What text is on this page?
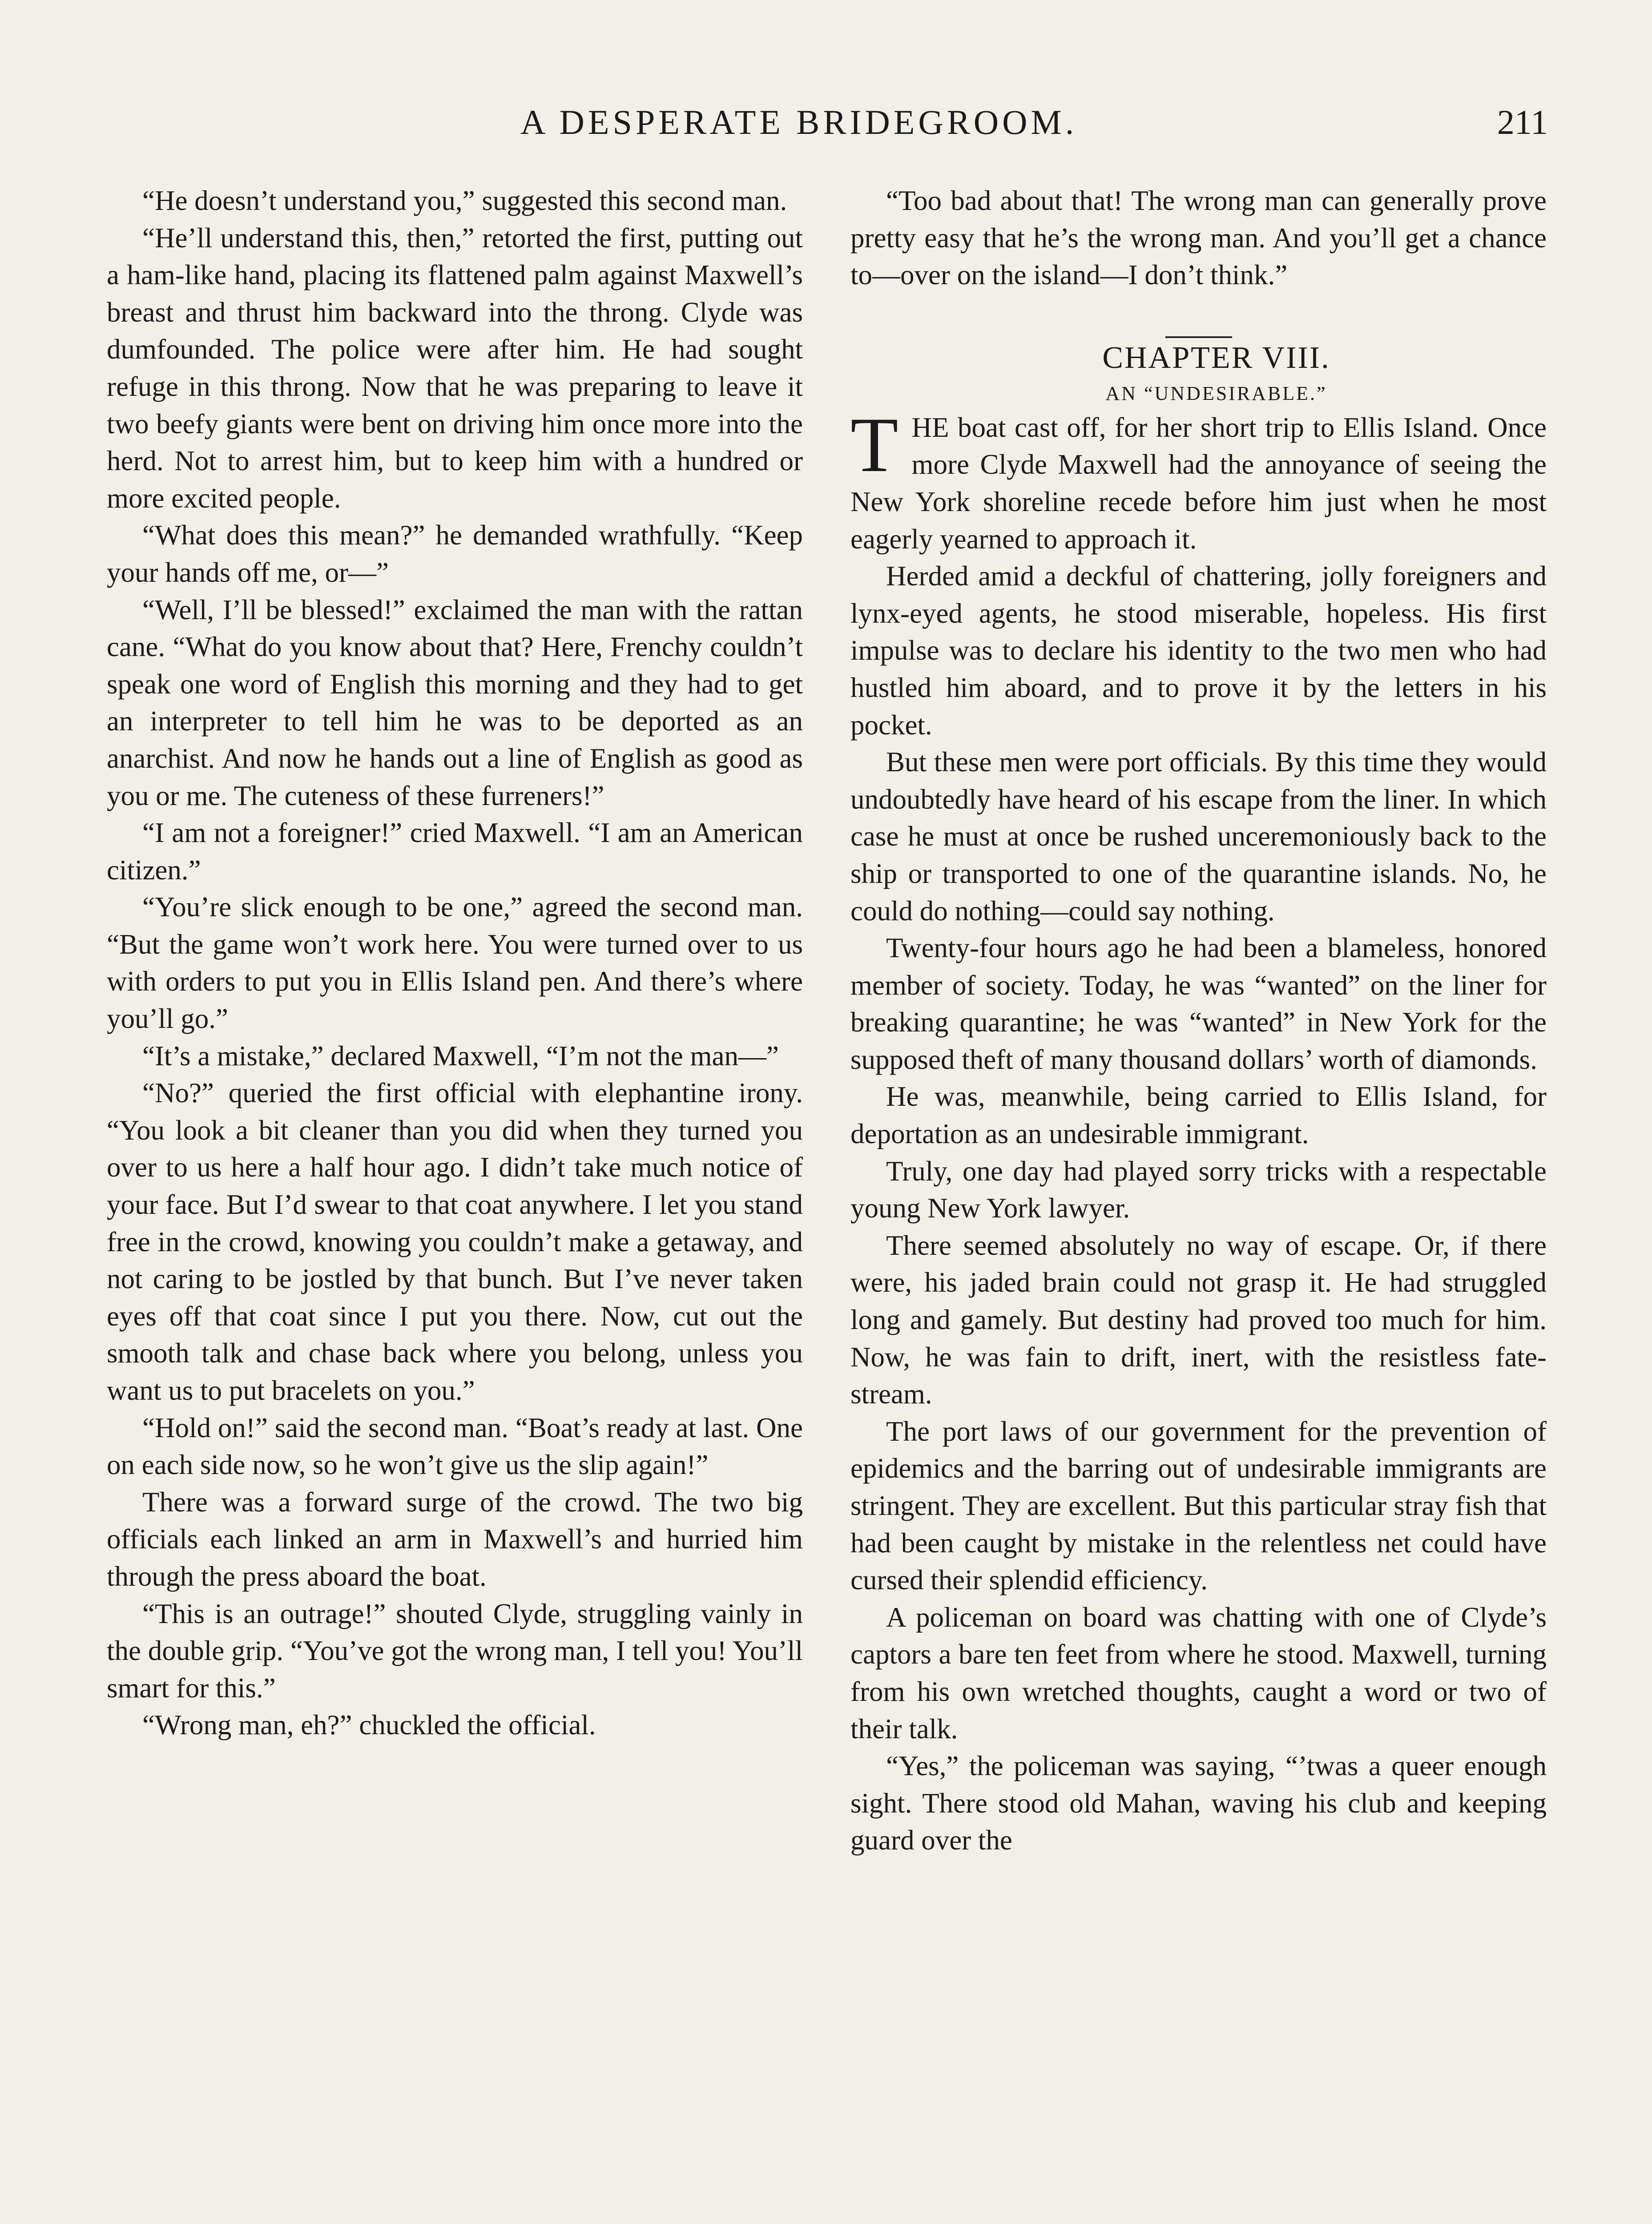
A DESPERATE BRIDEGROOM.	211

“He doesn’t understand you,” suggested this second man.

“He’ll understand this, then,” retorted the first, putting out a ham-like hand, placing its flattened palm against Maxwell’s breast and thrust him backward into the throng. Clyde was dumfounded. The police were after him. He had sought refuge in this throng. Now that he was preparing to leave it two beefy giants were bent on driving him once more into the herd. Not to arrest him, but to keep him with a hundred or more excited people.

“What does this mean?” he demanded wrathfully. “Keep your hands off me, or—”

“Well, I’ll be blessed!” exclaimed the man with the rattan cane. “What do you know about that? Here, Frenchy couldn’t speak one word of English this morning and they had to get an interpreter to tell him he was to be deported as an anarchist. And now he hands out a line of English as good as you or me. The cuteness of these furreners!”

“I am not a foreigner!” cried Maxwell. “I am an American citizen.”

“You’re slick enough to be one,” agreed the second man. “But the game won’t work here. You were turned over to us with orders to put you in Ellis Island pen. And there’s where you’ll go.”

“It’s a mistake,” declared Maxwell, “I’m not the man—”

“No?” queried the first official with elephantine irony. “You look a bit cleaner than you did when they turned you over to us here a half hour ago. I didn’t take much notice of your face. But I’d swear to that coat anywhere. I let you stand free in the crowd, knowing you couldn’t make a getaway, and not caring to be jostled by that bunch. But I’ve never taken eyes off that coat since I put you there. Now, cut out the smooth talk and chase back where you belong, unless you want us to put bracelets on you.”

“Hold on!” said the second man. “Boat’s ready at last. One on each side now, so he won’t give us the slip again!”

There was a forward surge of the crowd. The two big officials each linked an arm in Maxwell’s and hurried him through the press aboard the boat.

“This is an outrage!” shouted Clyde, struggling vainly in the double grip. “You’ve got the wrong man, I tell you! You’ll smart for this.”

“Wrong man, eh?” chuckled the official.

“Too bad about that! The wrong man can generally prove pretty easy that he’s the wrong man. And you’ll get a chance to—over on the island—I don’t think.”

CHAPTER VIII.

AN “UNDESIRABLE.”

THE boat cast off, for her short trip to Ellis Island. Once more Clyde Maxwell had the annoyance of seeing the New York shoreline recede before him just when he most eagerly yearned to approach it.

Herded amid a deckful of chattering, jolly foreigners and lynx-eyed agents, he stood miserable, hopeless. His first impulse was to declare his identity to the two men who had hustled him aboard, and to prove it by the letters in his pocket.

But these men were port officials. By this time they would undoubtedly have heard of his escape from the liner. In which case he must at once be rushed unceremoniously back to the ship or transported to one of the quarantine islands. No, he could do nothing—could say nothing.

Twenty-four hours ago he had been a blameless, honored member of society. Today, he was “wanted” on the liner for breaking quarantine; he was “wanted” in New York for the supposed theft of many thousand dollars’ worth of diamonds.

He was, meanwhile, being carried to Ellis Island, for deportation as an undesirable immigrant.

Truly, one day had played sorry tricks with a respectable young New York lawyer.

There seemed absolutely no way of escape. Or, if there were, his jaded brain could not grasp it. He had struggled long and gamely. But destiny had proved too much for him. Now, he was fain to drift, inert, with the resistless fate-stream.

The port laws of our government for the prevention of epidemics and the barring out of undesirable immigrants are stringent. They are excellent. But this particular stray fish that had been caught by mistake in the relentless net could have cursed their splendid efficiency.

A policeman on board was chatting with one of Clyde’s captors a bare ten feet from where he stood. Maxwell, turning from his own wretched thoughts, caught a word or two of their talk.

“Yes,” the policeman was saying, “’twas a queer enough sight. There stood old Mahan, waving his club and keeping guard over the
